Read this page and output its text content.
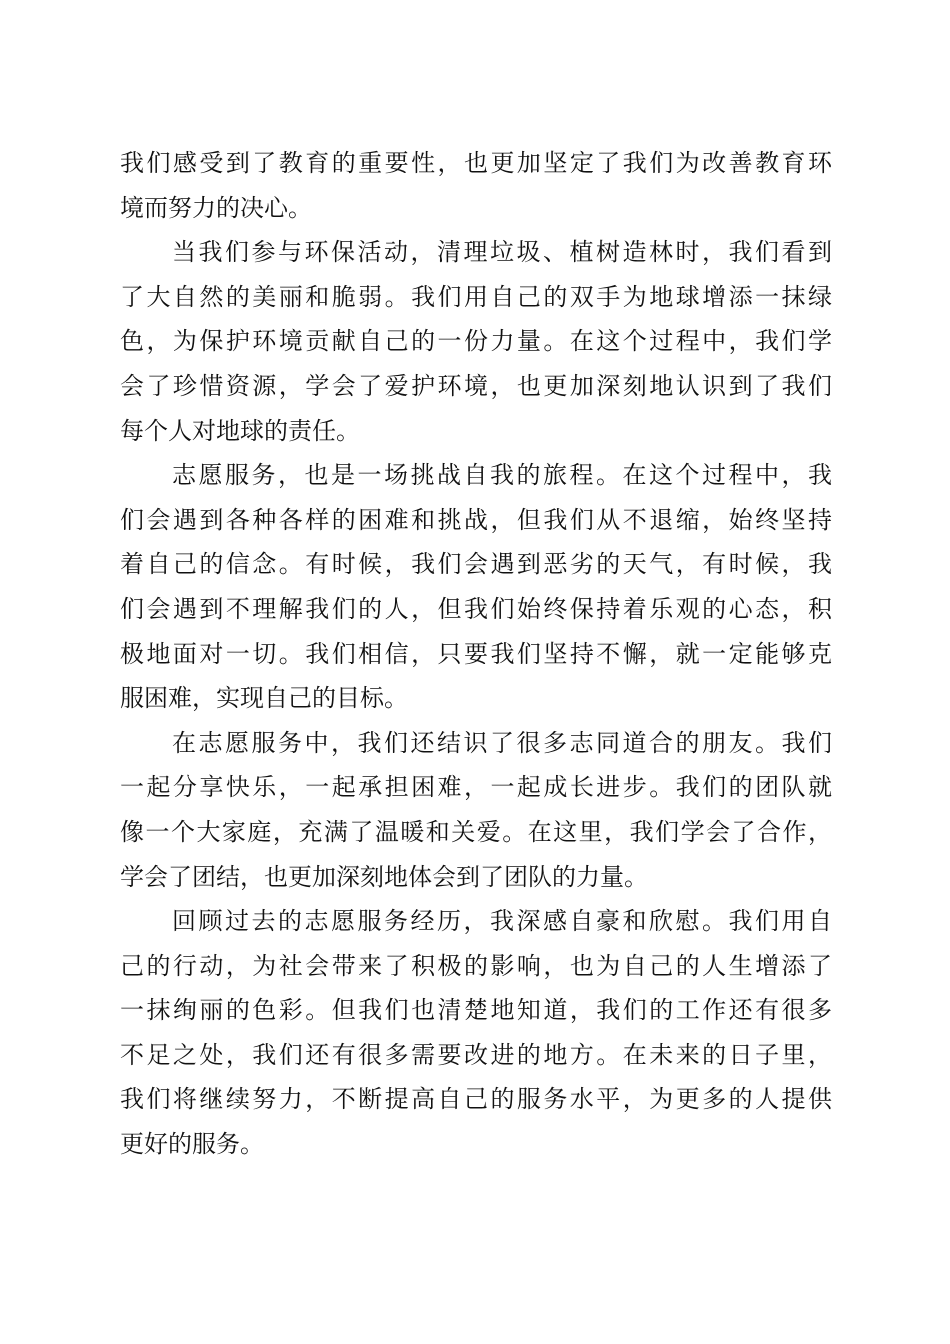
我们感受到了教育的重要性，也更加坚定了我们为改善教育环
境而努力的决心。
当我们参与环保活动，清理垃圾、植树造林时，我们看到
了大自然的美丽和脆弱。我们用自己的双手为地球增添一抹绿
色，为保护环境贡献自己的一份力量。在这个过程中，我们学
会了珍惜资源，学会了爱护环境，也更加深刻地认识到了我们
每个人对地球的责任。
志愿服务，也是一场挑战自我的旅程。在这个过程中，我
们会遇到各种各样的困难和挑战，但我们从不退缩，始终坚持
着自己的信念。有时候，我们会遇到恶劣的天气，有时候，我
们会遇到不理解我们的人，但我们始终保持着乐观的心态，积
极地面对一切。我们相信，只要我们坚持不懈，就一定能够克
服困难，实现自己的目标。
在志愿服务中，我们还结识了很多志同道合的朋友。我们
一起分享快乐，一起承担困难，一起成长进步。我们的团队就
像一个大家庭，充满了温暖和关爱。在这里，我们学会了合作，
学会了团结，也更加深刻地体会到了团队的力量。
回顾过去的志愿服务经历，我深感自豪和欣慰。我们用自
己的行动，为社会带来了积极的影响，也为自己的人生增添了
一抹绚丽的色彩。但我们也清楚地知道，我们的工作还有很多
不足之处，我们还有很多需要改进的地方。在未来的日子里，
我们将继续努力，不断提高自己的服务水平，为更多的人提供
更好的服务。
